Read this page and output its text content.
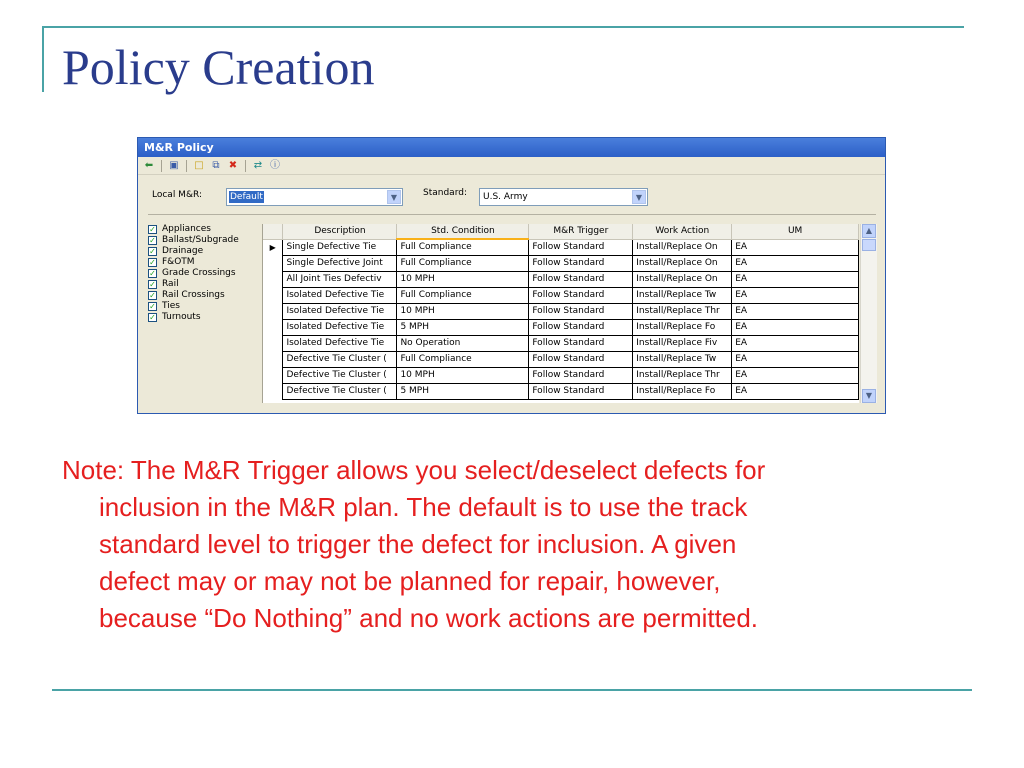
Policy Creation
M&R Policy
⬅ ▣ □ ⧉ ✖ ⇄ ⓘ
Local M&R:	Default	▼	Standard: U.S. Army	▼
✓ Appliances
✓ Ballast/Subgrade
✓ Drainage
✓ F&OTM
✓ Grade Crossings
✓ Rail
✓ Rail Crossings
✓ Ties
✓ Turnouts
	Description	Std. Condition	M&R Trigger	Work Action	UM
▶	Single Defective Tie	Full Compliance	Follow Standard	Install/Replace On	EA
	Single Defective Joint	Full Compliance	Follow Standard	Install/Replace On	EA
	All Joint Ties Defectiv	10 MPH	Follow Standard	Install/Replace On	EA
	Isolated Defective Tie	Full Compliance	Follow Standard	Install/Replace Tw	EA
	Isolated Defective Tie	10 MPH	Follow Standard	Install/Replace Thr	EA
	Isolated Defective Tie	5 MPH	Follow Standard	Install/Replace Fo	EA
	Isolated Defective Tie	No Operation	Follow Standard	Install/Replace Fiv	EA
	Defective Tie Cluster (	Full Compliance	Follow Standard	Install/Replace Tw	EA
	Defective Tie Cluster (	10 MPH	Follow Standard	Install/Replace Thr	EA
	Defective Tie Cluster (	5 MPH	Follow Standard	Install/Replace Fo	EA
▲
▼
Note: The M&R Trigger allows you select/deselect defects for
inclusion in the M&R plan. The default is to use the track
standard level to trigger the defect for inclusion. A given
defect may or may not be planned for repair, however,
because “Do Nothing” and no work actions are permitted.
